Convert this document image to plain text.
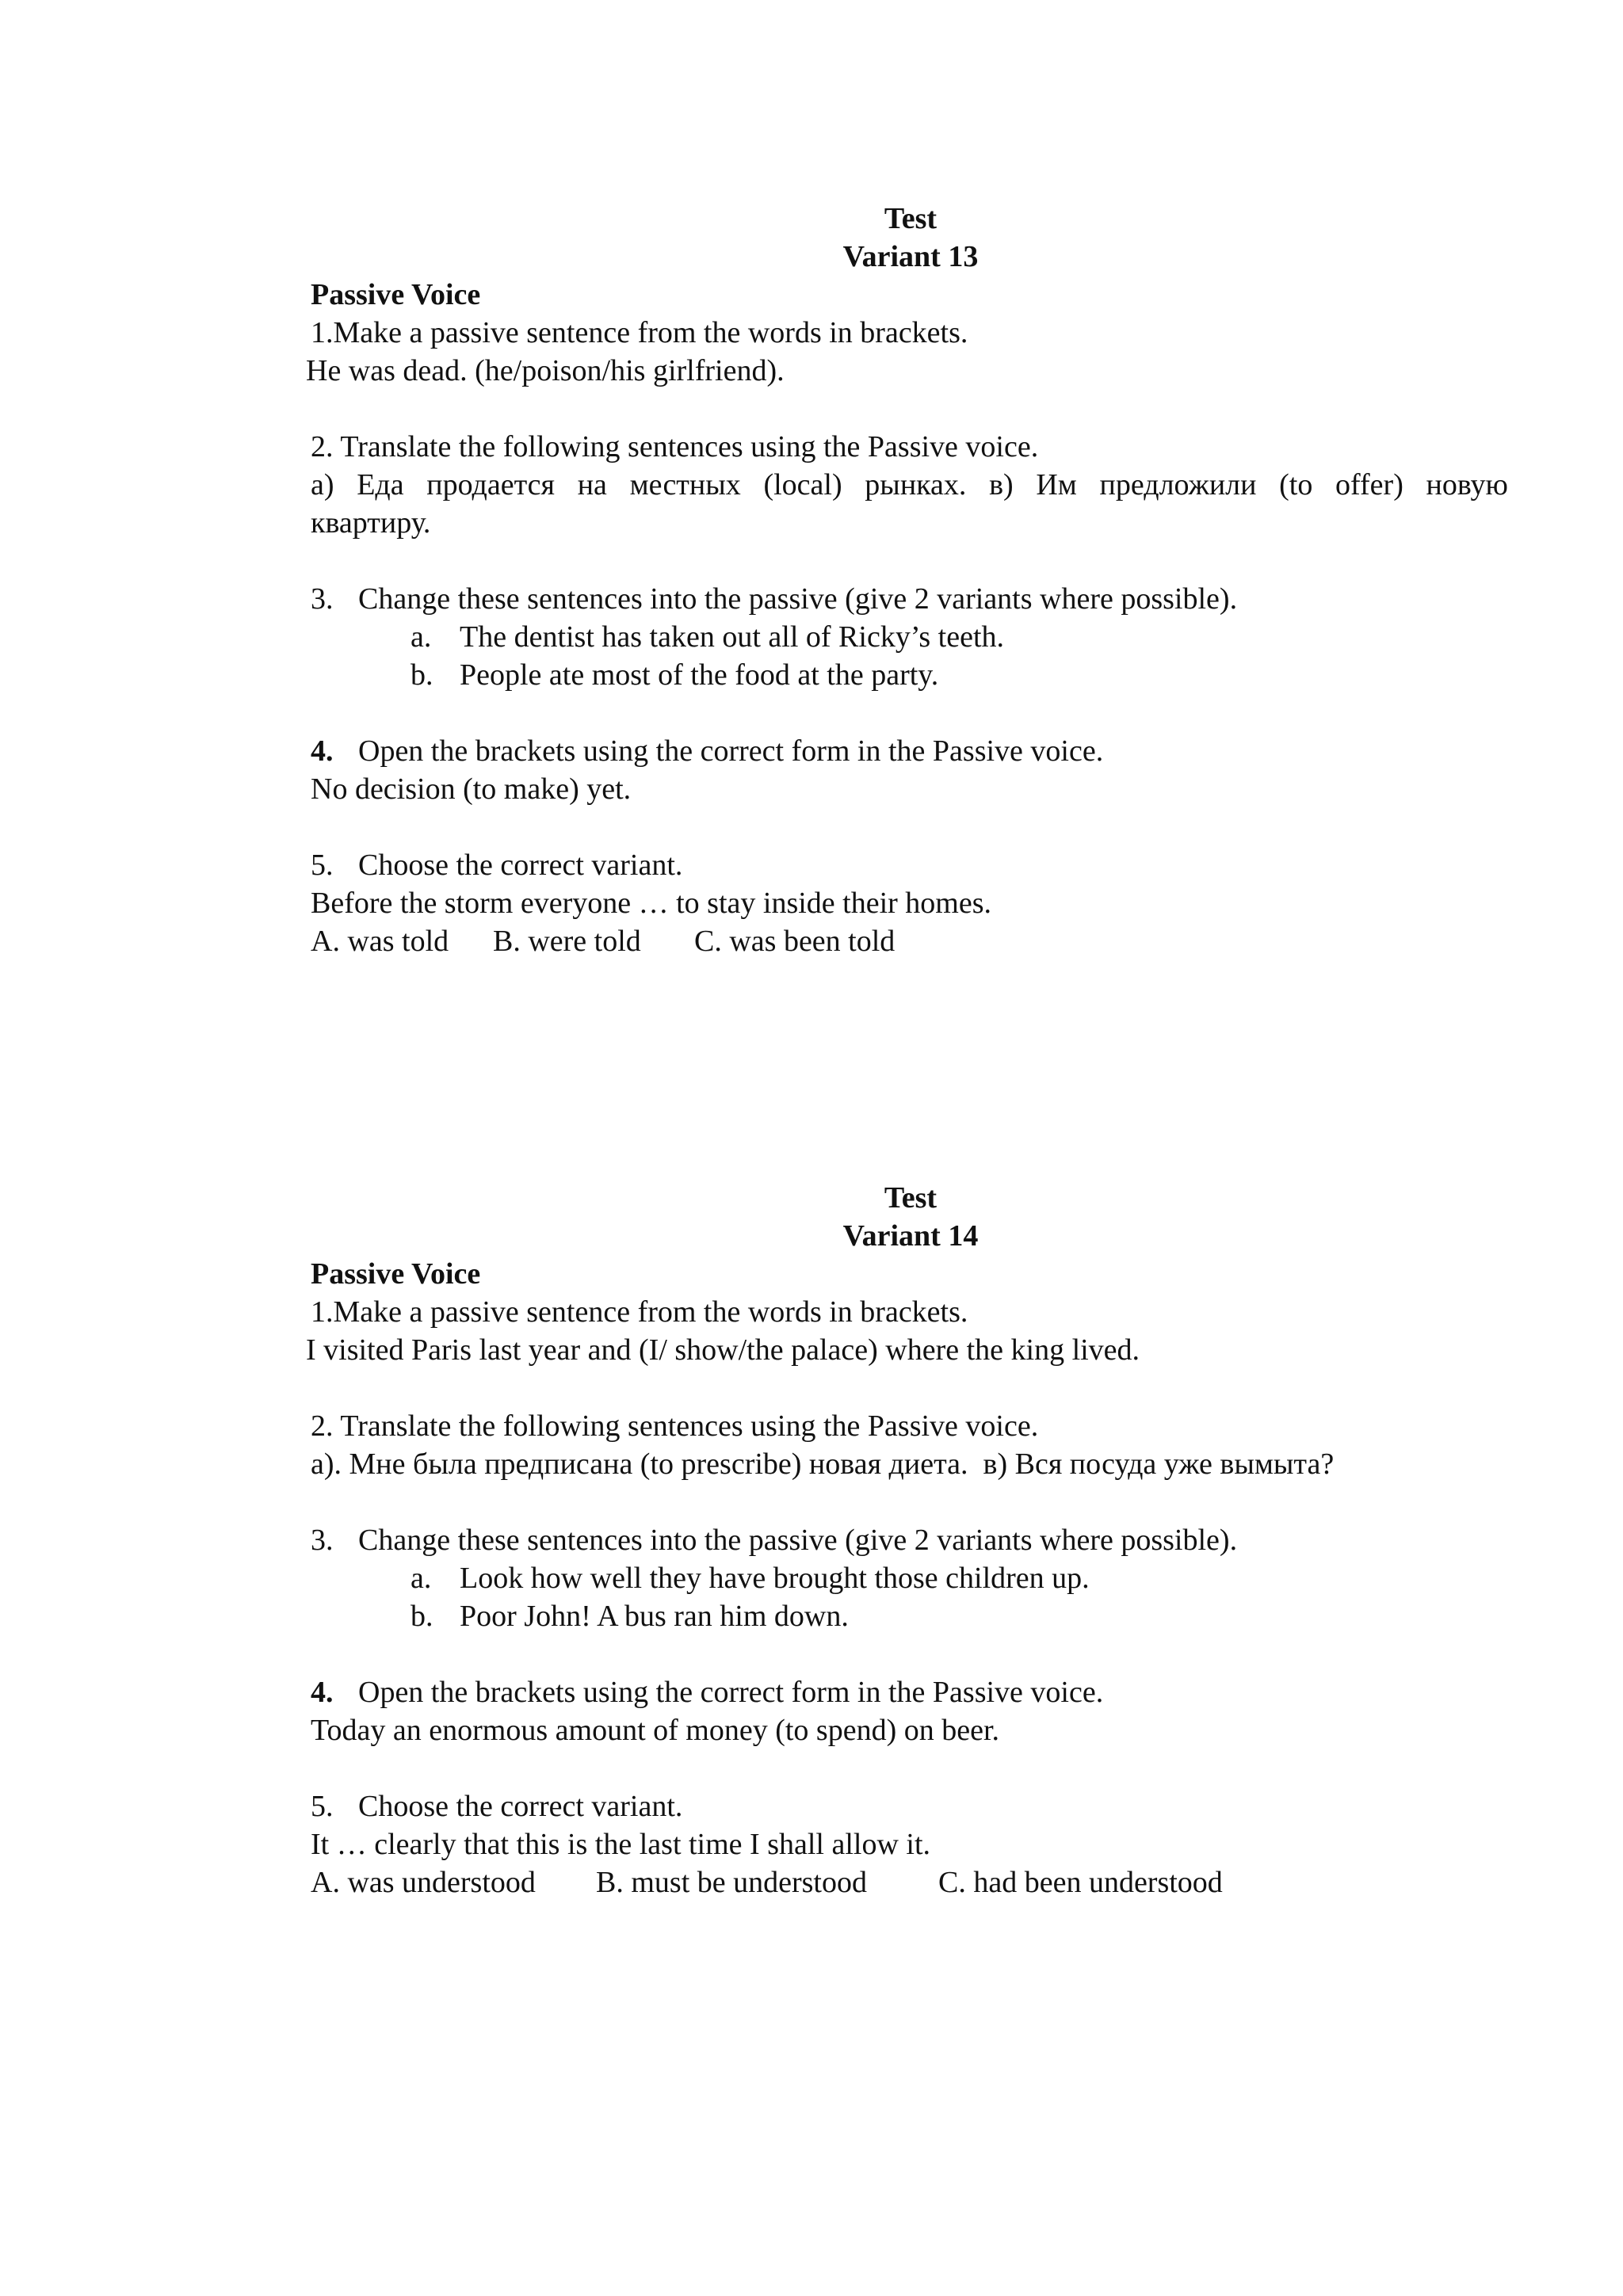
Test
Variant 13
Passive Voice
1.Make a passive sentence from the words in brackets.
He was dead. (he/poison/his girlfriend).
2. Translate the following sentences using the Passive voice.
а) Еда продается на местных (local) рынках. в) Им предложили (to offer) новую
квартиру.
3. Change these sentences into the passive (give 2 variants where possible).
a. The dentist has taken out all of Ricky’s teeth.
b. People ate most of the food at the party.
4. Open the brackets using the correct form in the Passive voice.
No decision (to make) yet.
5. Choose the correct variant.
Before the storm everyone … to stay inside their homes.
A. was told B. were told C. was been told
Test
Variant 14
Passive Voice
1.Make a passive sentence from the words in brackets.
I visited Paris last year and (I/ show/the palace) where the king lived.
2. Translate the following sentences using the Passive voice.
а). Мне была предписана (to prescribe) новая диета.  в) Вся посуда уже вымыта?
3. Change these sentences into the passive (give 2 variants where possible).
a. Look how well they have brought those children up.
b. Poor John! A bus ran him down.
4. Open the brackets using the correct form in the Passive voice.
Today an enormous amount of money (to spend) on beer.
5. Choose the correct variant.
It … clearly that this is the last time I shall allow it.
A. was understood B. must be understood C. had been understood
